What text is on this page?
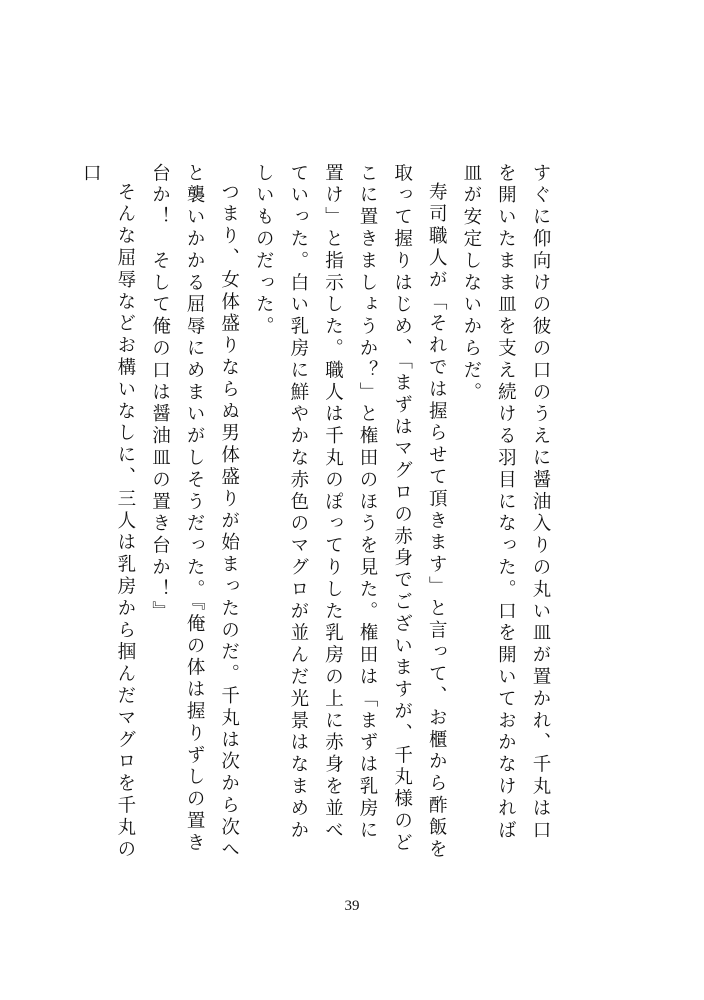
すぐに仰向けの彼の口のうえに醤油入りの丸い皿が置かれ、千丸は口を開いたまま皿を支え続ける羽目になった。口を開いておかなければ皿が安定しないからだ。

寿司職人が「それでは握らせて頂きます」と言って、お櫃から酢飯を取って握りはじめ、「まずはマグロの赤身でございますが、千丸様のどこに置きましょうか？」と権田のほうを見た。権田は「まずは乳房に置け」と指示した。職人は千丸のぽってりした乳房の上に赤身を並べていった。白い乳房に鮮やかな赤色のマグロが並んだ光景はなまめかしいものだった。

つまり、女体盛りならぬ男体盛りが始まったのだ。千丸は次から次へと襲いかかる屈辱にめまいがしそうだった。『俺の体は握りずしの置き台か！　そして俺の口は醤油皿の置き台か！』

そんな屈辱などお構いなしに、三人は乳房から掴んだマグロを千丸の口

39
